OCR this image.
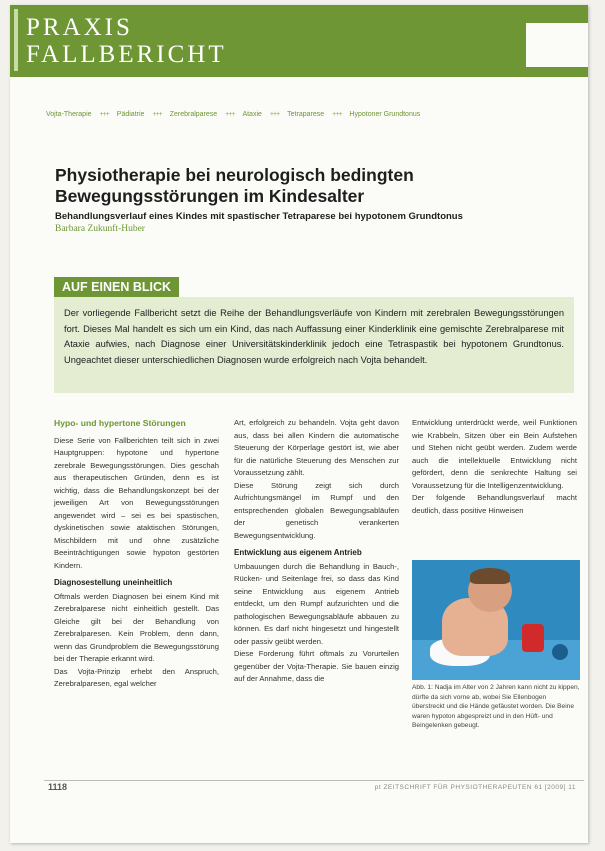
PRAXIS
FALLBERICHT
Vojta-Therapie +++ Pädiatrie +++ Zerebralparese +++ Ataxie +++ Tetraparese +++ Hypotoner Grundtonus
Physiotherapie bei neurologisch bedingten Bewegungsstörungen im Kindesalter

Behandlungsverlauf eines Kindes mit spastischer Tetraparese bei hypotonem Grundtonus

Barbara Zukunft-Huber

AUF EINEN BLICK
Der vorliegende Fallbericht setzt die Reihe der Behandlungsverläufe von Kindern mit zerebralen Bewegungsstörungen fort. Dieses Mal handelt es sich um ein Kind, das nach Auffassung einer Kinderklinik eine gemischte Zerebralparese mit Ataxie aufwies, nach Diagnose einer Universitätskinderklinik jedoch eine Tetraspastik bei hypotonem Grundtonus. Ungeachtet dieser unterschiedlichen Diagnosen wurde erfolgreich nach Vojta behandelt.
Hypo- und hypertone Störungen

Diese Serie von Fallberichten teilt sich in zwei Hauptgruppen: hypotone und hypertone zerebrale Bewegungsstörungen. Dies geschah aus therapeutischen Gründen, denn es ist wichtig, dass die Behandlungskonzept bei der jeweiligen Art von Bewegungsstörungen angewendet wird – sei es bei spastischen, dyskinetischen sowie ataktischen Störungen, Mischbildern mit und ohne zusätzliche Beeinträchtigungen sowie hypoton gestörten Kindern.

Diagnosestellung uneinheitlich

Oftmals werden Diagnosen bei einem Kind mit Zerebralparese nicht einheitlich gestellt. Das Gleiche gilt bei der Behandlung von Zerebralparesen. Kein Problem, denn dann, wenn das Grundproblem die Bewegungsstörung bei der Therapie erkannt wird.

Das Vojta-Prinzip erhebt den Anspruch, Zerebralparesen, egal welcher

Art, erfolgreich zu behandeln. Vojta geht davon aus, dass bei allen Kindern die automatische Steuerung der Körperlage gestört ist, wie aber für die natürliche Steuerung des Menschen zur Voraussetzung zählt.

Diese Störung zeigt sich durch Aufrichtungsmängel im Rumpf und den entsprechenden globalen Bewegungsabläufen der genetisch verankerten Bewegungsentwicklung.

Entwicklung aus eigenem Antrieb

Umbauungen durch die Behandlung in Bauch-, Rücken- und Seitenlage frei, so dass das Kind seine Entwicklung aus eigenem Antrieb entdeckt, um den Rumpf aufzurichten und die pathologischen Bewegungsabläufe abbauen zu können. Es darf nicht hingesetzt und hingestellt oder passiv geübt werden.

Diese Forderung führt oftmals zu Vorurteilen gegenüber der Vojta-Therapie. Sie bauen einzig auf der Annahme, dass die

Entwicklung unterdrückt werde, weil Funktionen wie Krabbeln, Sitzen über ein Bein Aufstehen und Stehen nicht geübt werden. Zudem werde auch die intellektuelle Entwicklung nicht gefördert, denn die senkrechte Haltung sei Voraussetzung für die Intelligenzentwicklung.

Der folgende Behandlungsverlauf macht deutlich, dass positive Hinweisen

Abb. 1: Nadja im Alter von 2 Jahren kann nicht zu kippen, dürfte da sich vorne ab, wobei Sie Ellenbogen überstreckt und die Hände gefäustet worden. Die Beine waren hypoton abgespreizt und in den Hüft- und Beingelenken gebeugt.
1118	pt ZEITSCHRIFT FÜR PHYSIOTHERAPEUTEN 61 [2009] 11
